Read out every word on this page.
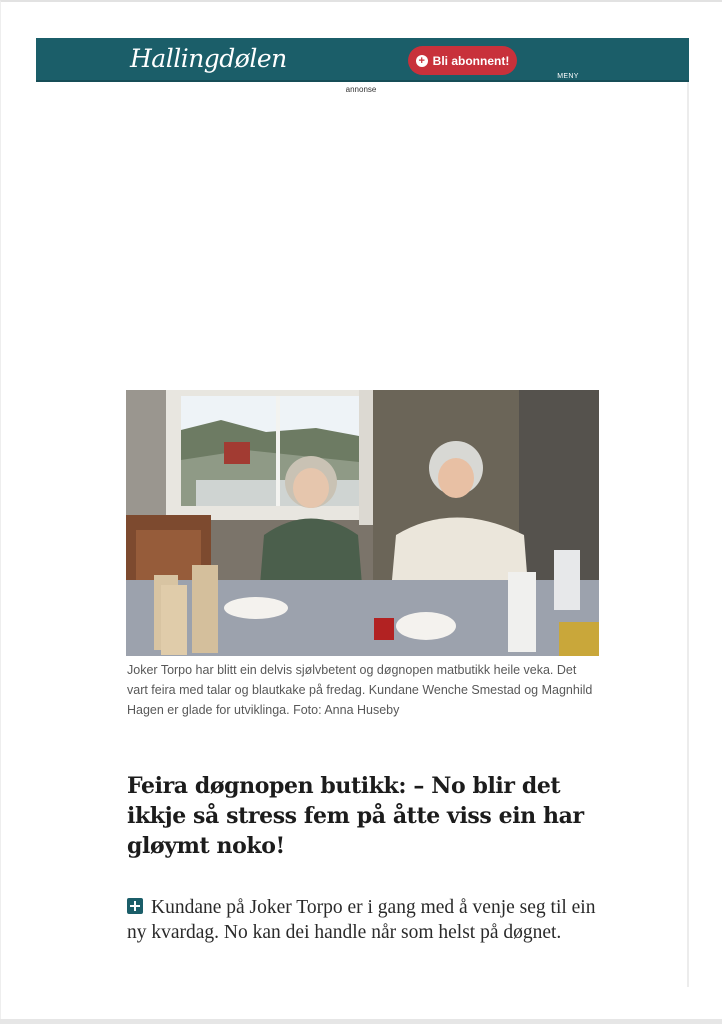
Hallingdølen	+ Bli abonnent!
MENY
annonse
Joker Torpo har blitt ein delvis sjølvbetent og døgnopen matbutikk heile veka. Det vart feira med talar og blautkake på fredag. Kundane Wenche Smestad og Magnhild Hagen er glade for utviklinga. Foto: Anna Huseby
Feira døgnopen butikk: – No blir det ikkje så stress fem på åtte viss ein har gløymt noko!

Kundane på Joker Torpo er i gang med å venje seg til ein ny kvardag. No kan dei handle når som helst på døgnet.
